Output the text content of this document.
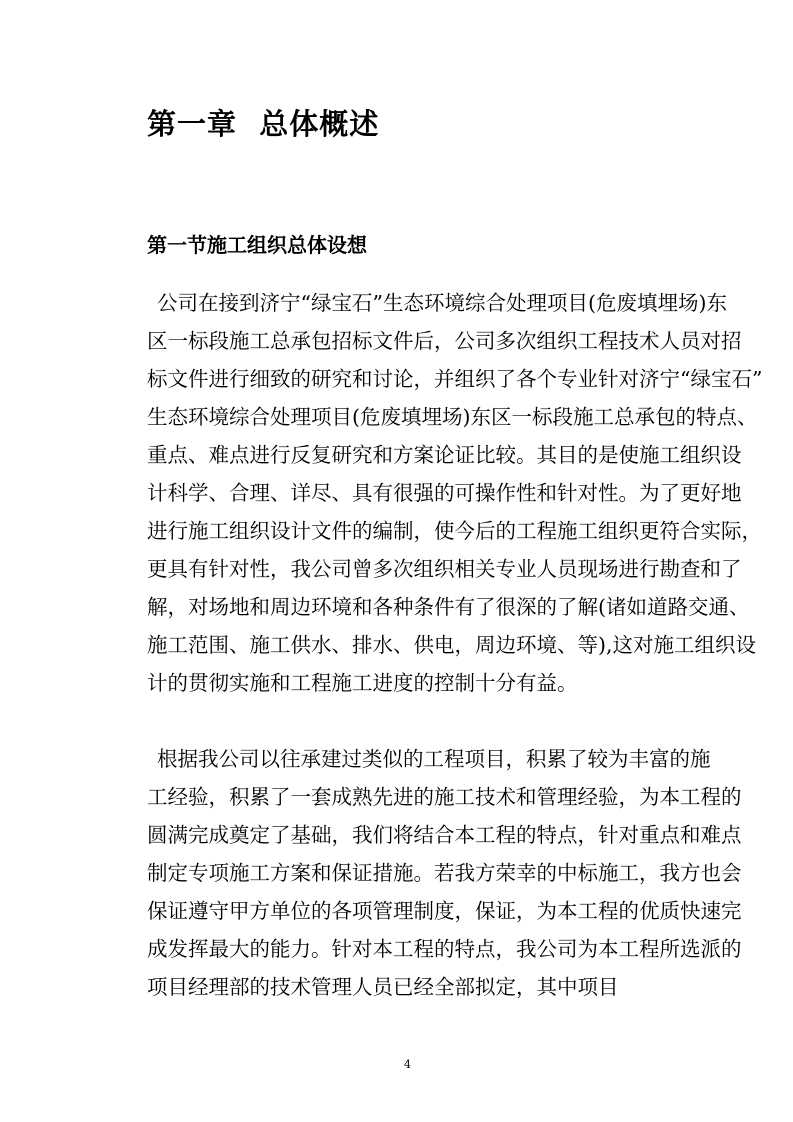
第一章  总体概述
第一节施工组织总体设想
公司在接到济宁“绿宝石”生态环境综合处理项目(危废填埋场)东
区一标段施工总承包招标文件后，公司多次组织工程技术人员对招
标文件进行细致的研究和讨论，并组织了各个专业针对济宁“绿宝石”
生态环境综合处理项目(危废填埋场)东区一标段施工总承包的特点、
重点、难点进行反复研究和方案论证比较。其目的是使施工组织设
计科学、合理、详尽、具有很强的可操作性和针对性。为了更好地
进行施工组织设计文件的编制，使今后的工程施工组织更符合实际，
更具有针对性，我公司曾多次组织相关专业人员现场进行勘查和了
解，对场地和周边环境和各种条件有了很深的了解(诸如道路交通、
施工范围、施工供水、排水、供电，周边环境、等),这对施工组织设
计的贯彻实施和工程施工进度的控制十分有益。
根据我公司以往承建过类似的工程项目，积累了较为丰富的施
工经验，积累了一套成熟先进的施工技术和管理经验，为本工程的
圆满完成奠定了基础，我们将结合本工程的特点，针对重点和难点
制定专项施工方案和保证措施。若我方荣幸的中标施工，我方也会
保证遵守甲方单位的各项管理制度，保证，为本工程的优质快速完
成发挥最大的能力。针对本工程的特点，我公司为本工程所选派的
项目经理部的技术管理人员已经全部拟定，其中项目
4
